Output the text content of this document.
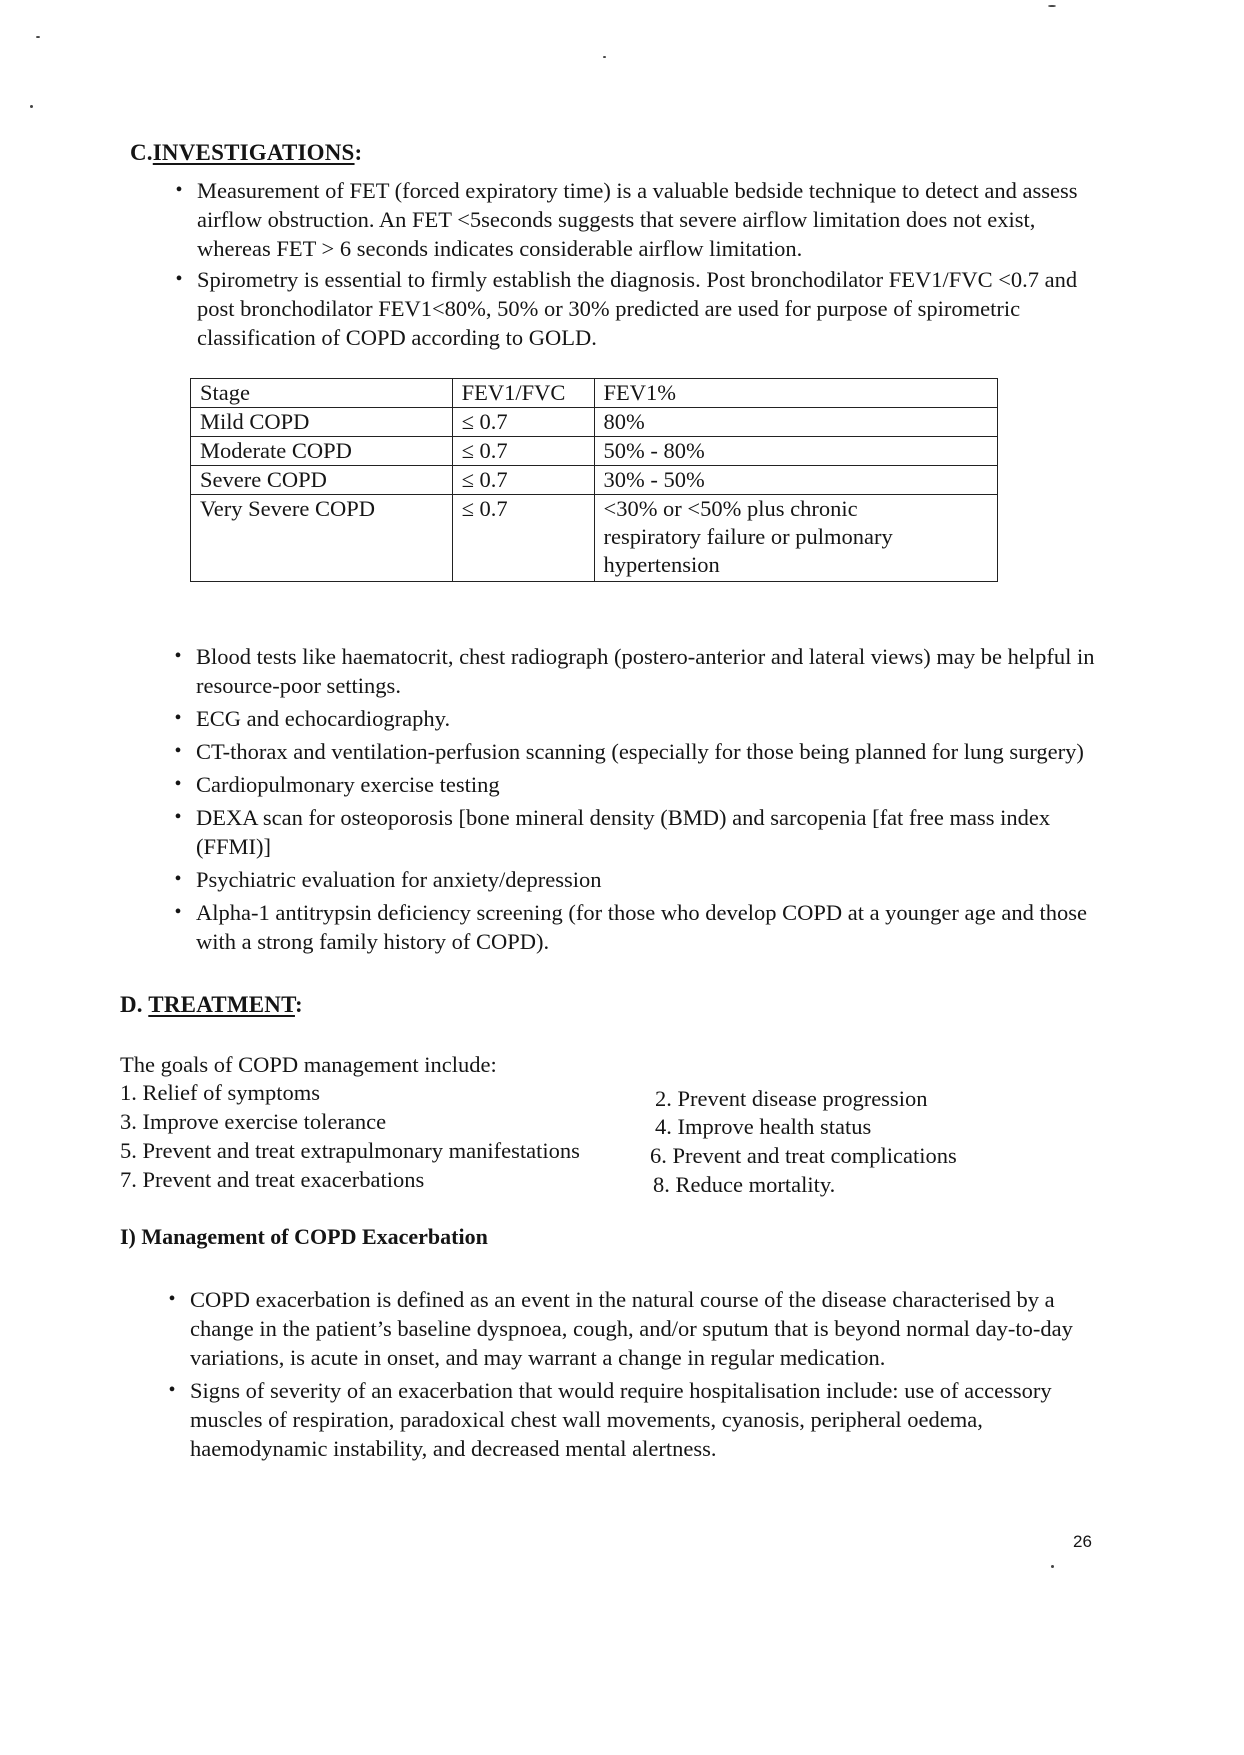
C.INVESTIGATIONS:
• Measurement of FET (forced expiratory time) is a valuable bedside technique to detect and assess airflow obstruction. An FET <5seconds suggests that severe airflow limitation does not exist, whereas FET > 6 seconds indicates considerable airflow limitation.
• Spirometry is essential to firmly establish the diagnosis. Post bronchodilator FEV1/FVC <0.7 and post bronchodilator FEV1<80%, 50% or 30% predicted are used for purpose of spirometric classification of COPD according to GOLD.
Stage	FEV1/FVC	FEV1%
Mild COPD	≤ 0.7	80%
Moderate COPD	≤ 0.7	50% - 80%
Severe COPD	≤ 0.7	30% - 50%
Very Severe COPD	≤ 0.7	<30% or <50% plus chronic respiratory failure or pulmonary hypertension
• Blood tests like haematocrit, chest radiograph (postero-anterior and lateral views) may be helpful in resource-poor settings.
• ECG and echocardiography.
• CT-thorax and ventilation-perfusion scanning (especially for those being planned for lung surgery)
• Cardiopulmonary exercise testing
• DEXA scan for osteoporosis [bone mineral density (BMD) and sarcopenia [fat free mass index (FFMI)]
• Psychiatric evaluation for anxiety/depression
• Alpha-1 antitrypsin deficiency screening (for those who develop COPD at a younger age and those with a strong family history of COPD).
D. TREATMENT:
The goals of COPD management include:
1. Relief of symptoms	2. Prevent disease progression
3. Improve exercise tolerance	4. Improve health status
5. Prevent and treat extrapulmonary manifestations	6. Prevent and treat complications
7. Prevent and treat exacerbations	8. Reduce mortality.
I) Management of COPD Exacerbation
• COPD exacerbation is defined as an event in the natural course of the disease characterised by a change in the patient’s baseline dyspnoea, cough, and/or sputum that is beyond normal day-to-day variations, is acute in onset, and may warrant a change in regular medication.
• Signs of severity of an exacerbation that would require hospitalisation include: use of accessory muscles of respiration, paradoxical chest wall movements, cyanosis, peripheral oedema, haemodynamic instability, and decreased mental alertness.
26
